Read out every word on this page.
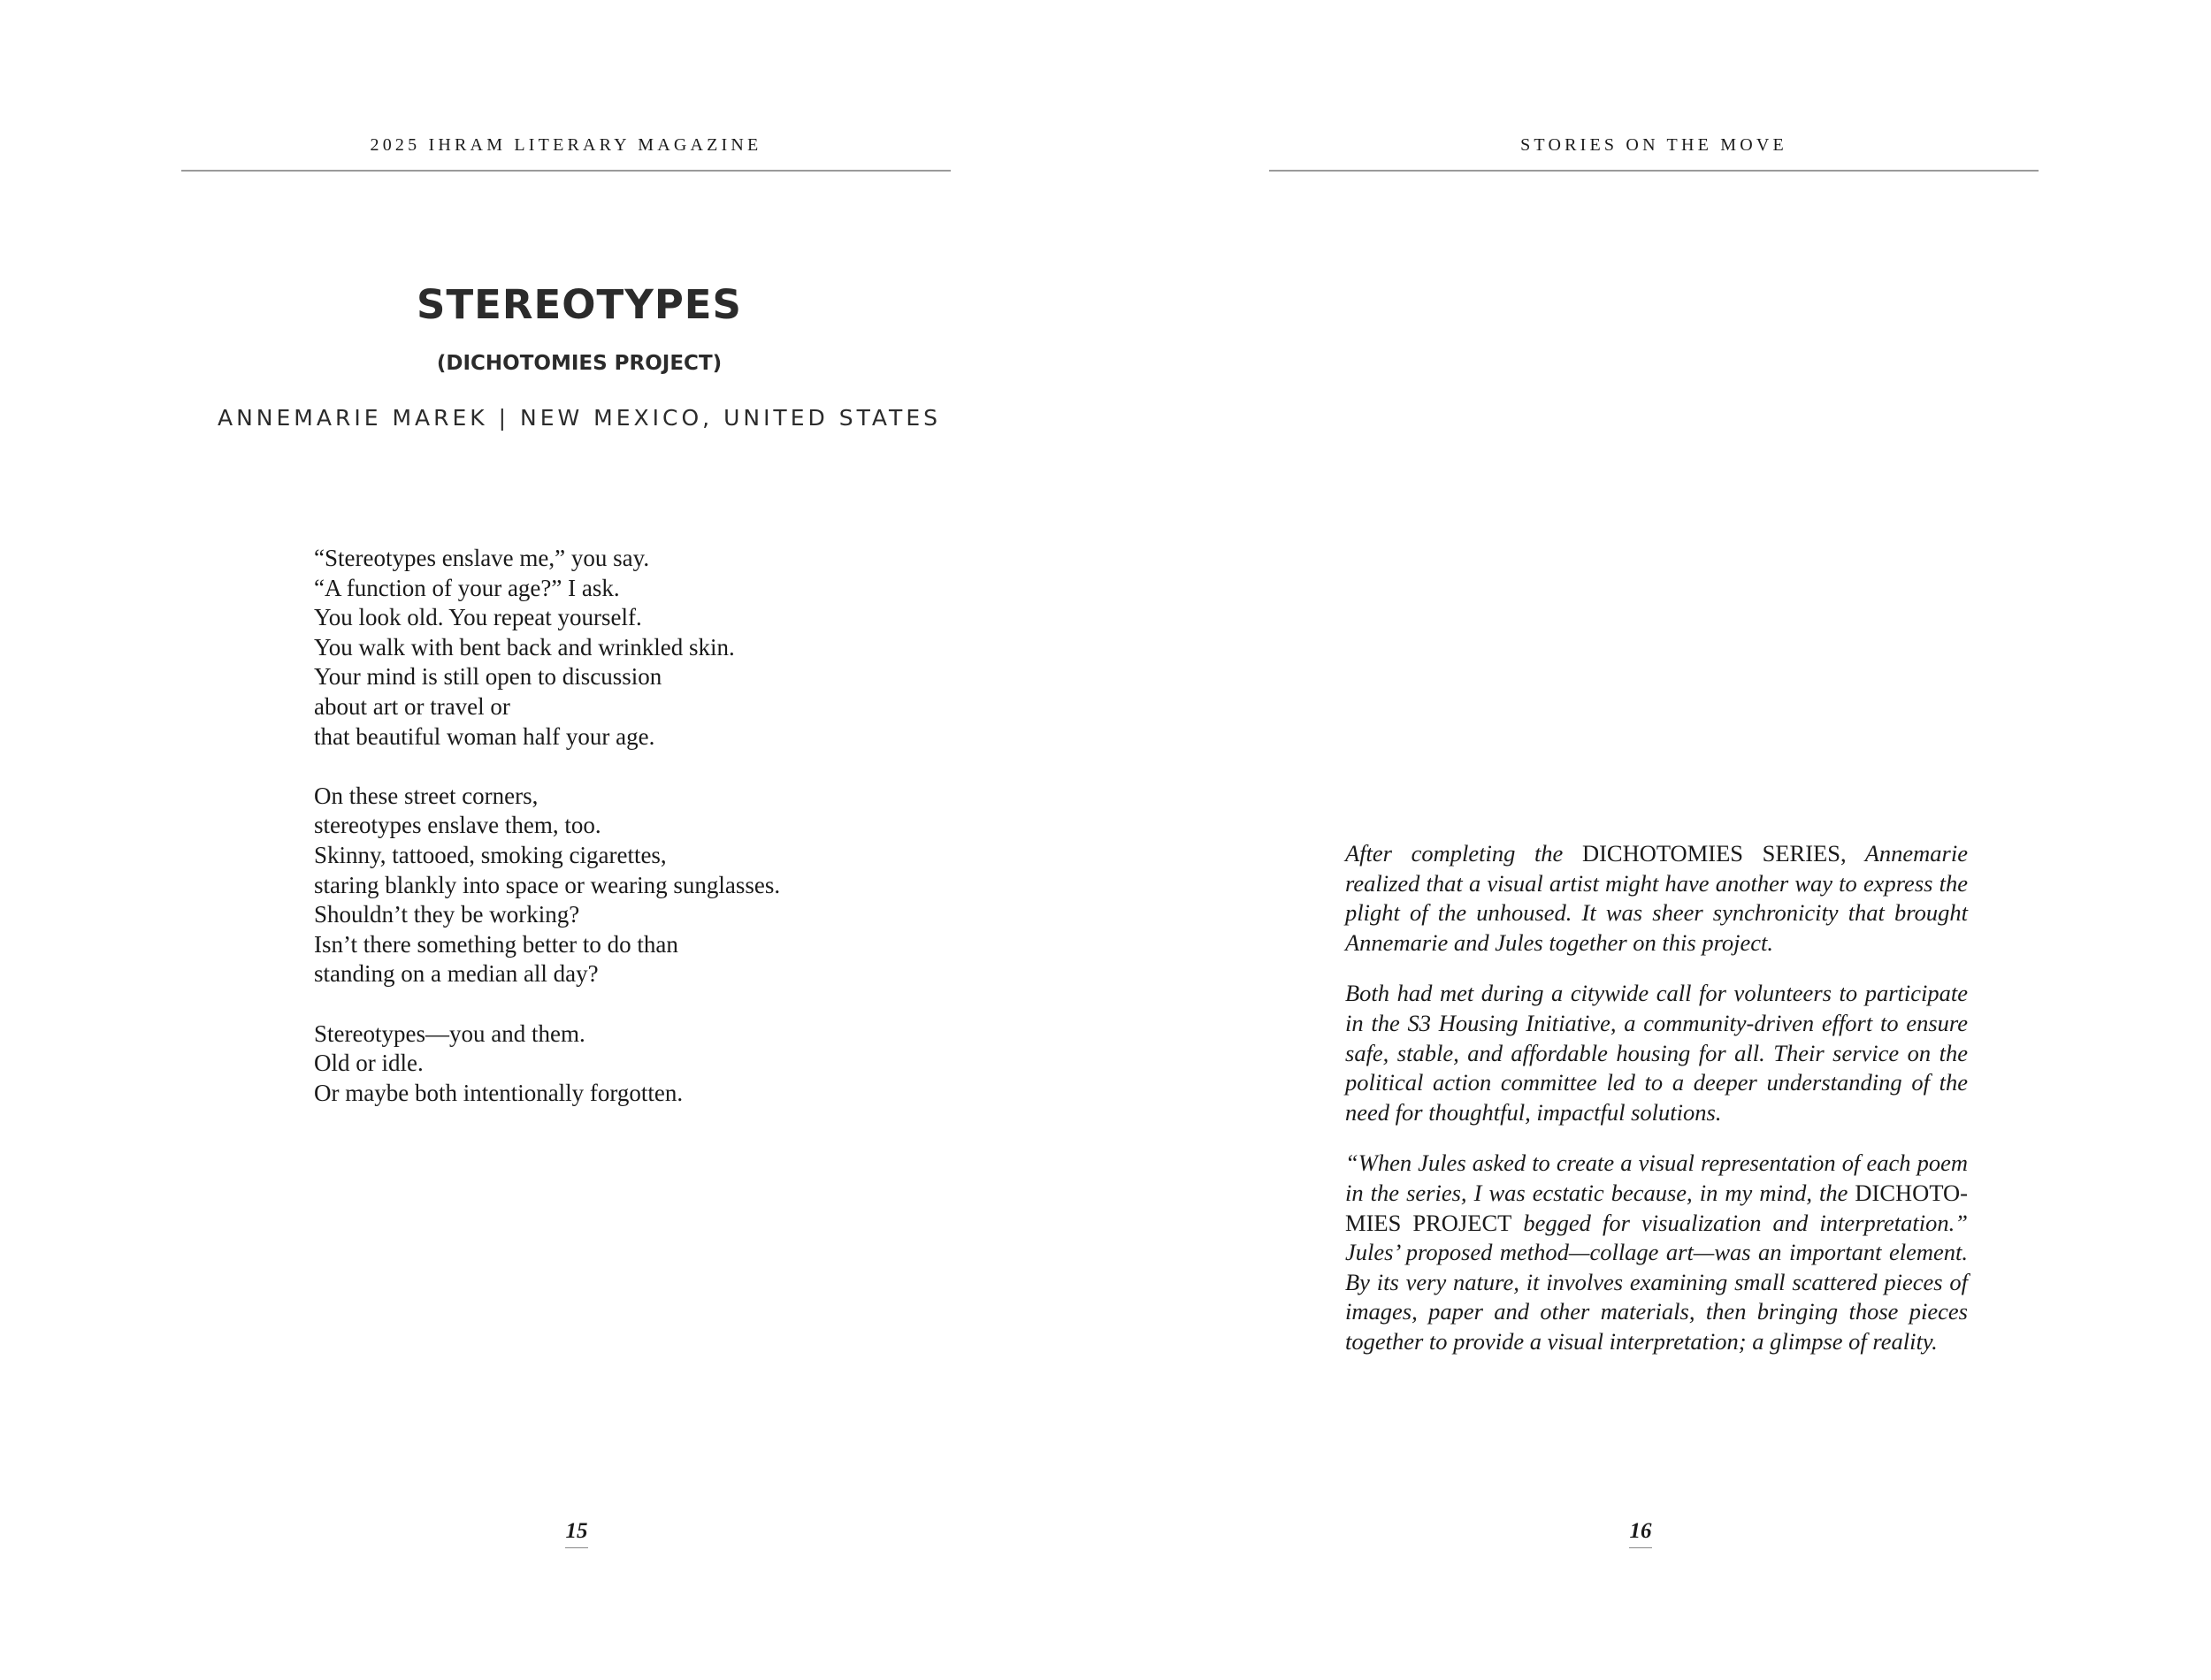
2025 IHRAM LITERARY MAGAZINE
STEREOTYPES
(DICHOTOMIES PROJECT)
ANNEMARIE MAREK | NEW MEXICO, UNITED STATES
“Stereotypes enslave me,” you say.
“A function of your age?” I ask.
You look old. You repeat yourself.
You walk with bent back and wrinkled skin.
Your mind is still open to discussion
about art or travel or
that beautiful woman half your age.
On these street corners,
stereotypes enslave them, too.
Skinny, tattooed, smoking cigarettes,
staring blankly into space or wearing sunglasses.
Shouldn’t they be working?
Isn’t there something better to do than
standing on a median all day?
Stereotypes—you and them.
Old or idle.
Or maybe both intentionally forgotten.
15
STORIES ON THE MOVE

After completing the DICHOTOMIES SERIES, Annemarie realized that a visual artist might have another way to express the plight of the unhoused. It was sheer synchronicity that brought Annemarie and Jules together on this project.

Both had met during a citywide call for volunteers to participate in the S3 Housing Initiative, a community-driven effort to ensure safe, stable, and affordable housing for all. Their service on the political action committee led to a deeper understanding of the need for thoughtful, impactful solutions.

“When Jules asked to create a visual representation of each poem in the series, I was ecstatic because, in my mind, the DICHOTOMIES PROJECT begged for visualization and interpretation.” Jules’ proposed method—collage art—was an important element. By its very nature, it involves examining small scattered pieces of images, paper and other materials, then bringing those pieces together to provide a visual interpretation; a glimpse of reality.

16
